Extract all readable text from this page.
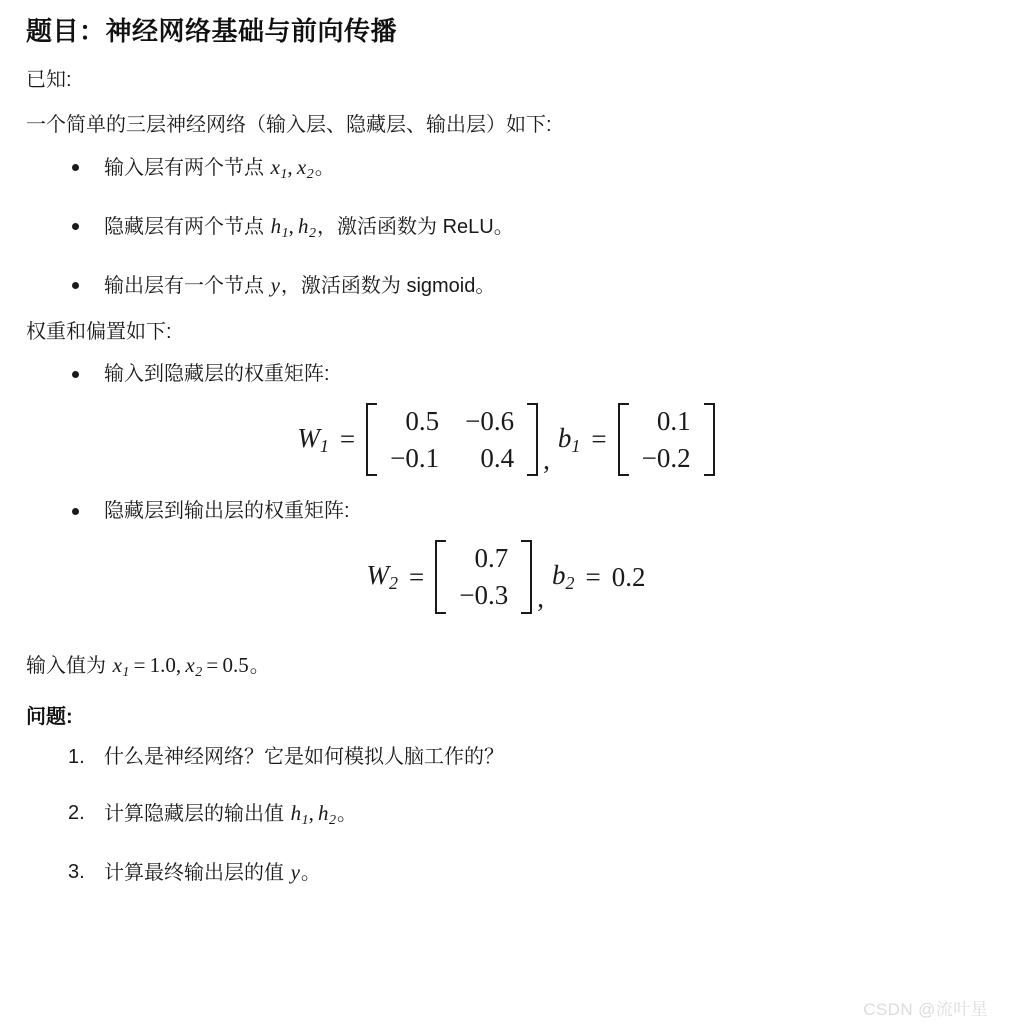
题目：神经网络基础与前向传播

已知:

一个简单的三层神经网络（输入层、隐藏层、输出层）如下:

输入层有两个节点 x1, x2。
隐藏层有两个节点 h1, h2，激活函数为 ReLU。
输出层有一个节点 y，激活函数为 sigmoid。

权重和偏置如下:

输入到隐藏层的权重矩阵:
W1 =
0.5	−0.6
−0.1	0.4 ,
b1 =
0.1
−0.2
隐藏层到输出层的权重矩阵:
W2 =
0.7
−0.3 ,
b2 = 0.2

输入值为 x1 = 1.0, x2 = 0.5。

问题:

1. 什么是神经网络？它是如何模拟人脑工作的？
2. 计算隐藏层的输出值 h1, h2。
3. 计算最终输出层的值 y。
CSDN @流叶星
